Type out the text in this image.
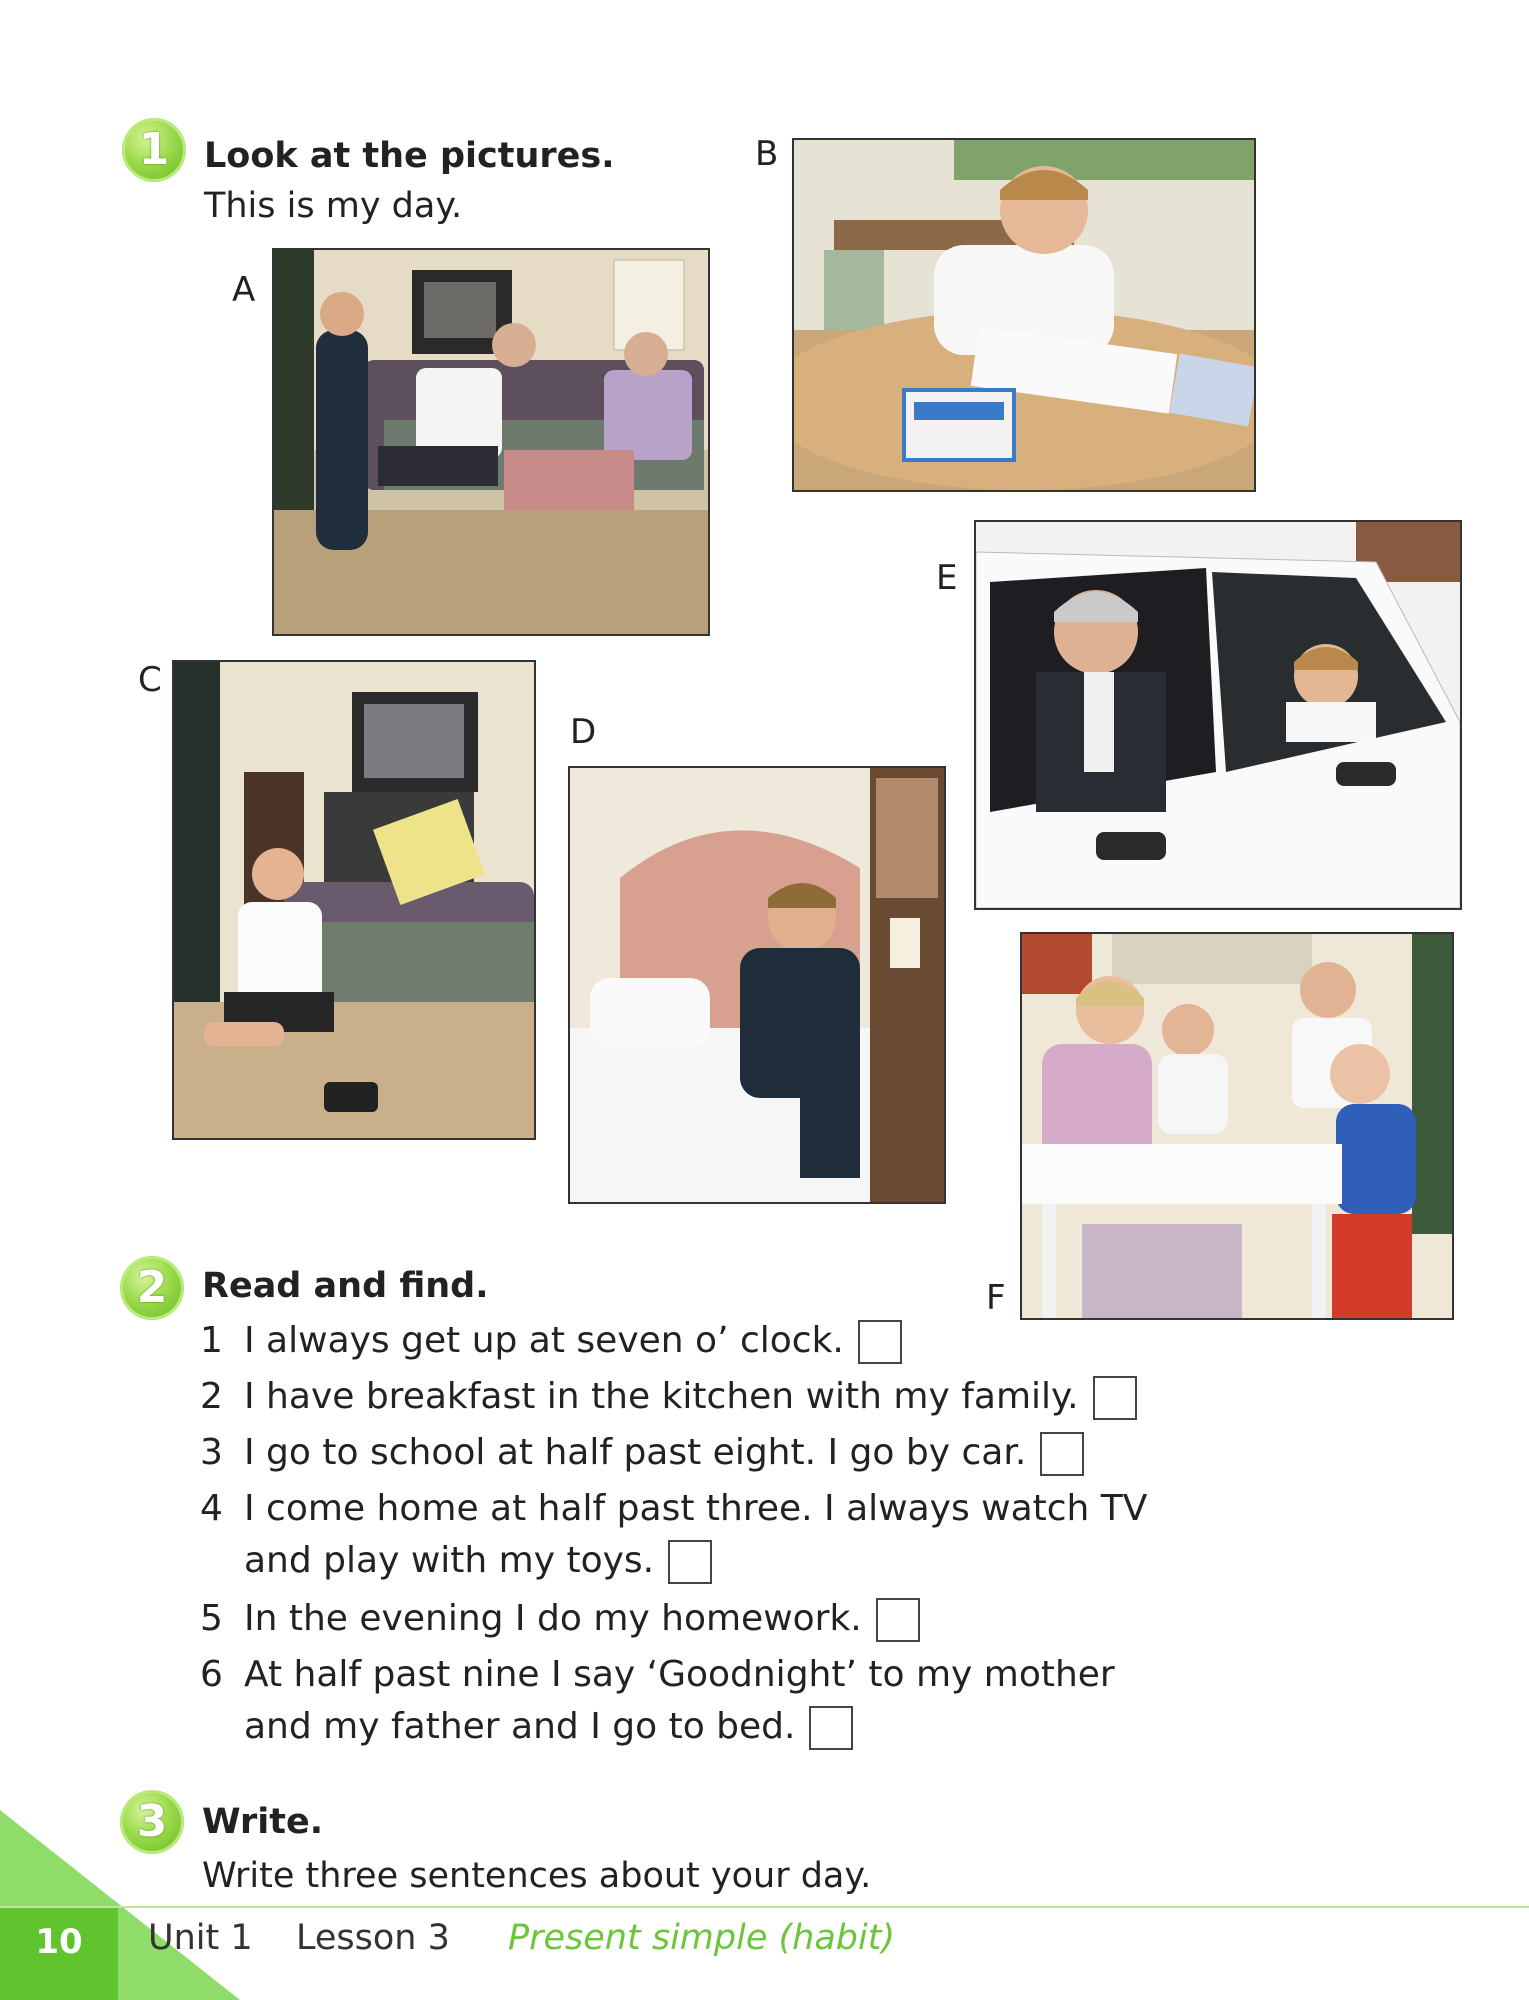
1 Look at the pictures.
This is my day.
A
B
C
D
E
F
2 Read and find.
1 I always get up at seven o’ clock.
2 I have breakfast in the kitchen with my family.
3 I go to school at half past eight. I go by car.
4 I come home at half past three. I always watch TV
and play with my toys.
5 In the evening I do my homework.
6 At half past nine I say ‘Goodnight’ to my mother
and my father and I go to bed.
3 Write.
Write three sentences about your day.
10	Unit 1 Lesson 3 Present simple (habit)
